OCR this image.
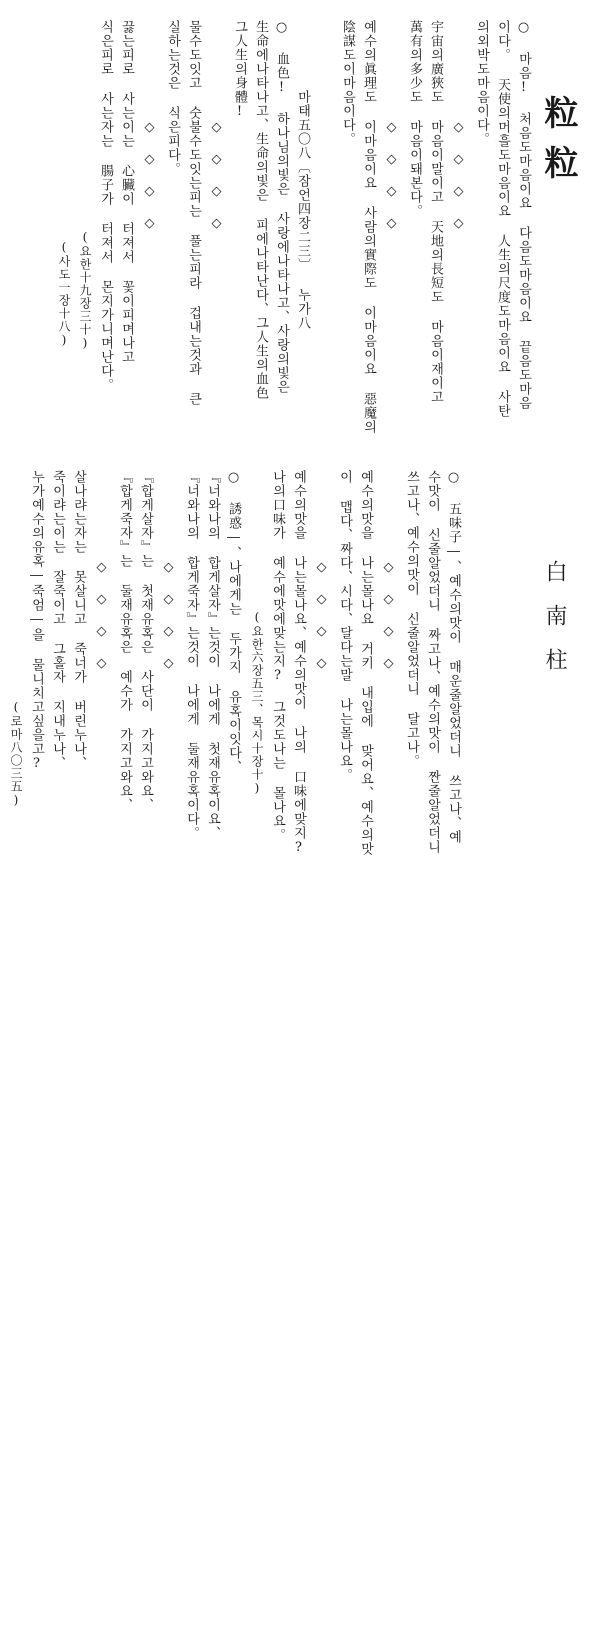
粒粒
白南柱
○ 마음! 처음도마음이요 다음도마음이요 끝음도마음
이다。 天使의머흘도마음이요 人生의尺度도마음이요 사탄
의외박도마음이다。
◇ ◇ ◇ ◇
宇宙의廣狹도 마음이말이고 天地의長短도 마음이재이고
萬有의多少도 마음이돼본다。
◇ ◇ ◇ ◇
예수의眞理도 이마음이요 사람의實際도 이마음이요 惡魔의
陰謀도이마음이다。
마태五〇八〔잠언四장二三〕 누가八
○ 血色! 하나님의빛은 사랑에나타나고、사랑의빛은
生命에나타나고、生命의빛은 피에나타난다、그人生의血色
그人生의身體!
◇ ◇ ◇ ◇
물수도잇고 숫불수도잇는피는 풀는피라 겁내는것과 큰
실하는것은 식은피다。
◇ ◇ ◇ ◇
끓는피로 사는이는 心臟이 터져서 꽃이피며나고
식은피로 사는자는 腸子가 터져서 몬지가니며난다。
(요한十九장三十)
(사도一장十八)
○ 五味子―、예수의맛이 매운줄알었더니 쓰고나、예
수맛이 신줄알었더니 짜고나、예수의맛이 짠줄알었더니
쓰고나、예수의맛이 신줄알었더니 달고나。
◇ ◇ ◇ ◇
예수의맛을 나는몰나요 거키 내입에 맞어요、예수의맛
이 맵다、짜다、시다、달다는말 나는몰나요。
◇ ◇ ◇ ◇
예수의맛을 나는몰나요、예수의맛이 나의 口味에맞지?
나의口味가 예수에맛에맞는지? 그것도나는 몰나요。
(요한六장五三、목시十장十)
○ 誘惑―、나에게는 두가지 유혹이잇다、
『너와나의 합게살자』는것이 나에게 첫재유혹이요、
『너와나의 합게죽자』는것이 나에게 둘재유혹이다。
◇ ◇ ◇ ◇
『합게살자』는 첫재유혹은 사단이 가지고와요、
『합게죽자』는 둘재유혹은 예수가 가지고와요、
◇ ◇ ◇ ◇
살나랴는자는 못살니고 죽너가 버린누나、
죽이랴는이는 잘죽이고 그홀자 지내누나、
누가예수의유혹―죽엄―을 물니치고싶을고?
(로마八〇三五)
